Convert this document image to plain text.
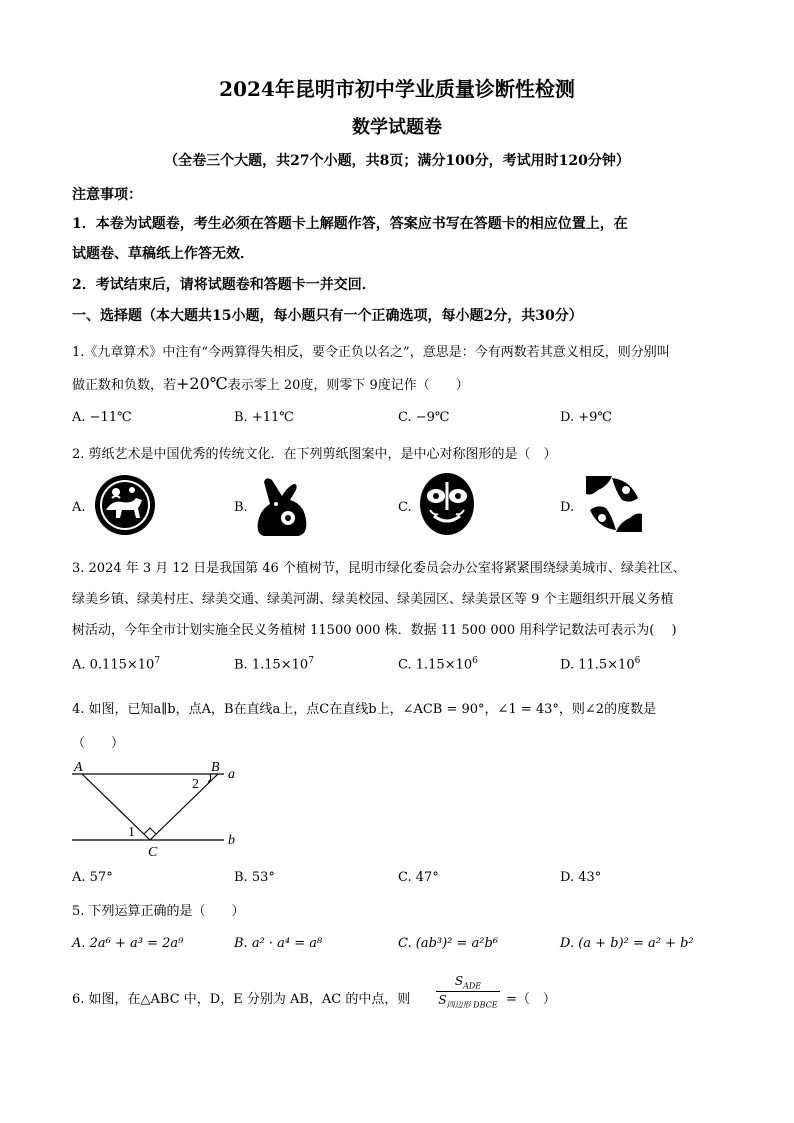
2024年昆明市初中学业质量诊断性检测
数学试题卷
（全卷三个大题，共27个小题，共8页；满分100分，考试用时120分钟）
注意事项：
1．本卷为试题卷，考生必须在答题卡上解题作答，答案应书写在答题卡的相应位置上，在
试题卷、草稿纸上作答无效．
2．考试结束后，请将试题卷和答题卡一并交回．
一、选择题（本大题共15小题，每小题只有一个正确选项，每小题2分，共30分）
1.《九章算术》中注有“今两算得失相反，要令正负以名之”，意思是：今有两数若其意义相反，则分别叫
做正数和负数，若+20℃表示零上 20度，则零下 9度记作（　　）
A. −11℃	B. +11℃	C. −9℃	D. +9℃
2. 剪纸艺术是中国优秀的传统文化．在下列剪纸图案中，是中心对称图形的是（　）
A.	B.	C.	D.
3. 2024 年 3 月 12 日是我国第 46 个植树节，昆明市绿化委员会办公室将紧紧围绕绿美城市、绿美社区、
绿美乡镇、绿美村庄、绿美交通、绿美河湖、绿美校园、绿美园区、绿美景区等 9 个主题组织开展义务植
树活动，今年全市计划实施全民义务植树 11500 000 株．数据 11 500 000 用科学记数法可表示为(　 )
A. $0.115\times 10^7$	B. $1.15\times 10^7$	C. $1.15\times 10^6$	D. $11.5\times 10^6$
4. 如图，已知a∥b，点A，B在直线a上，点C在直线b上，∠ACB = 90°，∠1 = 43°，则∠2的度数是
（　　）
A	B
2
a
1
C
b
A. 57°	B. 53°	C. 47°	D. 43°
5. 下列运算正确的是（　　）
A. 2a⁶ + a³ = 2a⁹	B. a² · a⁴ = a⁸	C. (ab³)² = a²b⁶	D. (a + b)² = a² + b²
6. 如图，在△ABC 中，D，E 分别为 AB，AC 的中点，则
$S_{ADE}$
$S_{四边形 DBCE}$ =（　）
